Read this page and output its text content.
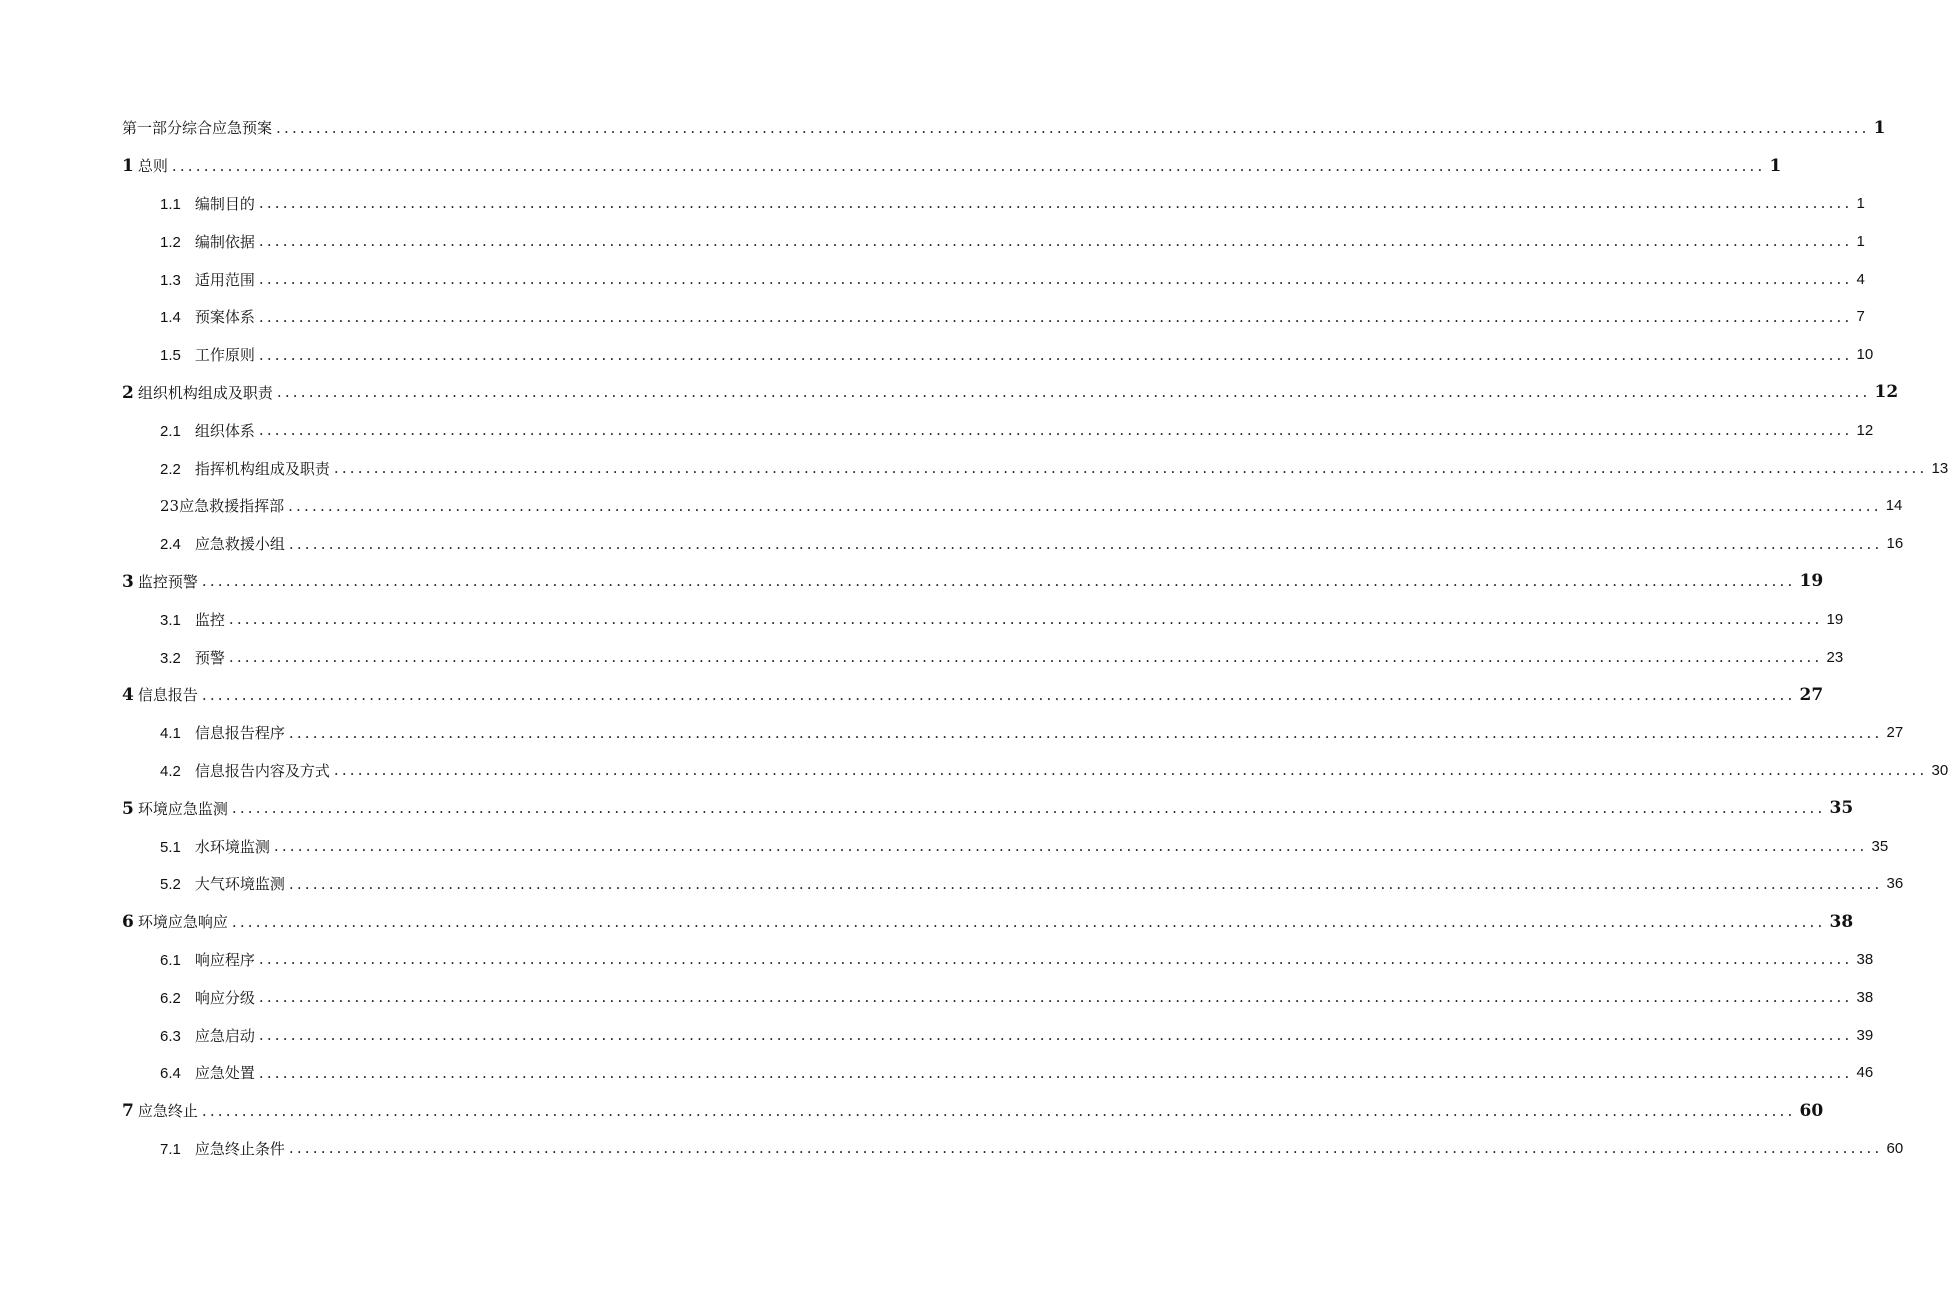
第一部分综合应急预案 ........................................................................................................................................................................................................ 1
1 总则 ........................................................................................................................................................................................................ 1
1.1 编制目的 ........................................................................................................................................................................................................ 1
1.2 编制依据 ........................................................................................................................................................................................................ 1
1.3 适用范围 ........................................................................................................................................................................................................ 4
1.4 预案体系 ........................................................................................................................................................................................................ 7
1.5 工作原则 ........................................................................................................................................................................................................ 10
2 组织机构组成及职责 ........................................................................................................................................................................................................ 12
2.1 组织体系 ........................................................................................................................................................................................................ 12
2.2 指挥机构组成及职责 ........................................................................................................................................................................................................ 13
23应急救援指挥部 ........................................................................................................................................................................................................ 14
2.4 应急救援小组 ........................................................................................................................................................................................................ 16
3 监控预警 ........................................................................................................................................................................................................ 19
3.1 监控 ........................................................................................................................................................................................................ 19
3.2 预警 ........................................................................................................................................................................................................ 23
4 信息报告 ........................................................................................................................................................................................................ 27
4.1 信息报告程序 ........................................................................................................................................................................................................ 27
4.2 信息报告内容及方式 ........................................................................................................................................................................................................ 30
5 环境应急监测 ........................................................................................................................................................................................................ 35
5.1 水环境监测 ........................................................................................................................................................................................................ 35
5.2 大气环境监测 ........................................................................................................................................................................................................ 36
6 环境应急响应 ........................................................................................................................................................................................................ 38
6.1 响应程序 ........................................................................................................................................................................................................ 38
6.2 响应分级 ........................................................................................................................................................................................................ 38
6.3 应急启动 ........................................................................................................................................................................................................ 39
6.4 应急处置 ........................................................................................................................................................................................................ 46
7 应急终止 ........................................................................................................................................................................................................ 60
7.1 应急终止条件 ........................................................................................................................................................................................................ 60
